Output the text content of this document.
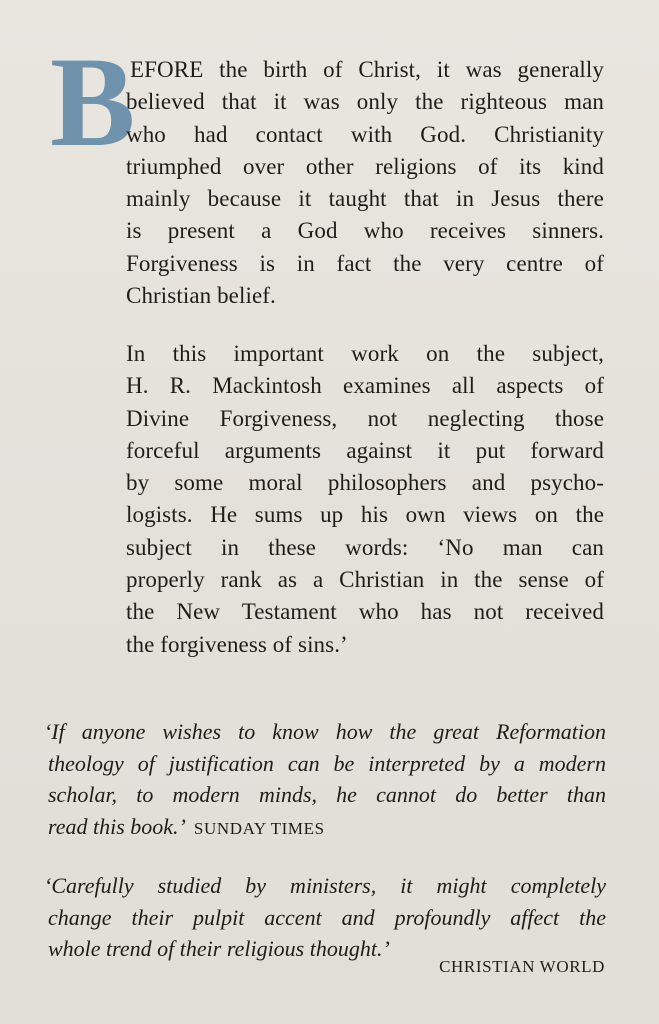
B
EFORE the birth of Christ, it was generally
believed that it was only the righteous man
who had contact with God. Christianity
triumphed over other religions of its kind
mainly because it taught that in Jesus there
is present a God who receives sinners.
Forgiveness is in fact the very centre of
Christian belief.
In this important work on the subject,
H. R. Mackintosh examines all aspects of
Divine Forgiveness, not neglecting those
forceful arguments against it put forward
by some moral philosophers and psycho-
logists. He sums up his own views on the
subject in these words: ‘No man can
properly rank as a Christian in the sense of
the New Testament who has not received
the forgiveness of sins.’
‘If anyone wishes to know how the great Reformation
theology of justification can be interpreted by a modern
scholar, to modern minds, he cannot do better than
read this book.’ SUNDAY TIMES
‘Carefully studied by ministers, it might completely
change their pulpit accent and profoundly affect the
whole trend of their religious thought.’
CHRISTIAN WORLD
